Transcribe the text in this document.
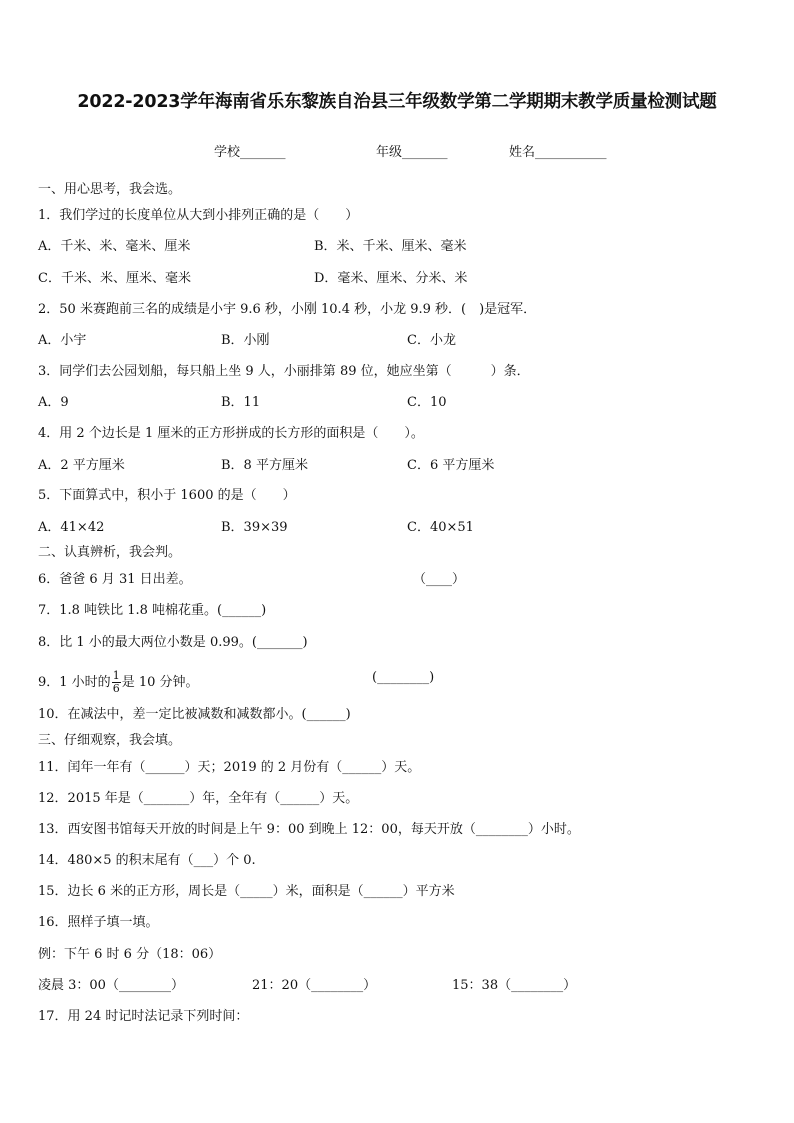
2022-2023学年海南省乐东黎族自治县三年级数学第二学期期末教学质量检测试题
学校_______	年级_______	姓名___________
一、用心思考，我会选。
1．我们学过的长度单位从大到小排列正确的是（　　）
A．千米、米、毫米、厘米	B．米、千米、厘米、毫米
C．千米、米、厘米、毫米	D．毫米、厘米、分米、米
2．50 米赛跑前三名的成绩是小宇 9.6 秒，小刚 10.4 秒，小龙 9.9 秒．(　)是冠军．
A．小宇	B．小刚	C．小龙
3．同学们去公园划船，每只船上坐 9 人，小丽排第 89 位，她应坐第（　　　）条．
A．9	B．11	C．10
4．用 2 个边长是 1 厘米的正方形拼成的长方形的面积是（　　）。
A．2 平方厘米	B．8 平方厘米	C．6 平方厘米
5．下面算式中，积小于 1600 的是（　　）
A．41×42	B．39×39	C．40×51
二、认真辨析，我会判。
6．爸爸 6 月 31 日出差。	（____）
7．1.8 吨铁比 1.8 吨棉花重。(______)
8．比 1 小的最大两位小数是 0.99。(_______)
9．1 小时的 $\frac{1}{6}$ 是 10 分钟。	(________)
10．在减法中，差一定比被减数和减数都小。(______)
三、仔细观察，我会填。
11．闰年一年有（______）天；2019 的 2 月份有（______）天。
12．2015 年是（_______）年，全年有（______）天。
13．西安图书馆每天开放的时间是上午 9：00 到晚上 12：00，每天开放（________）小时。
14．480×5 的积末尾有（___）个 0.
15．边长 6 米的正方形，周长是（_____）米，面积是（______）平方米
16．照样子填一填。
例：下午 6 时 6 分（18：06）
凌晨 3：00（________）	21：20（________）	15：38（________）
17．用 24 时记时法记录下列时间：
